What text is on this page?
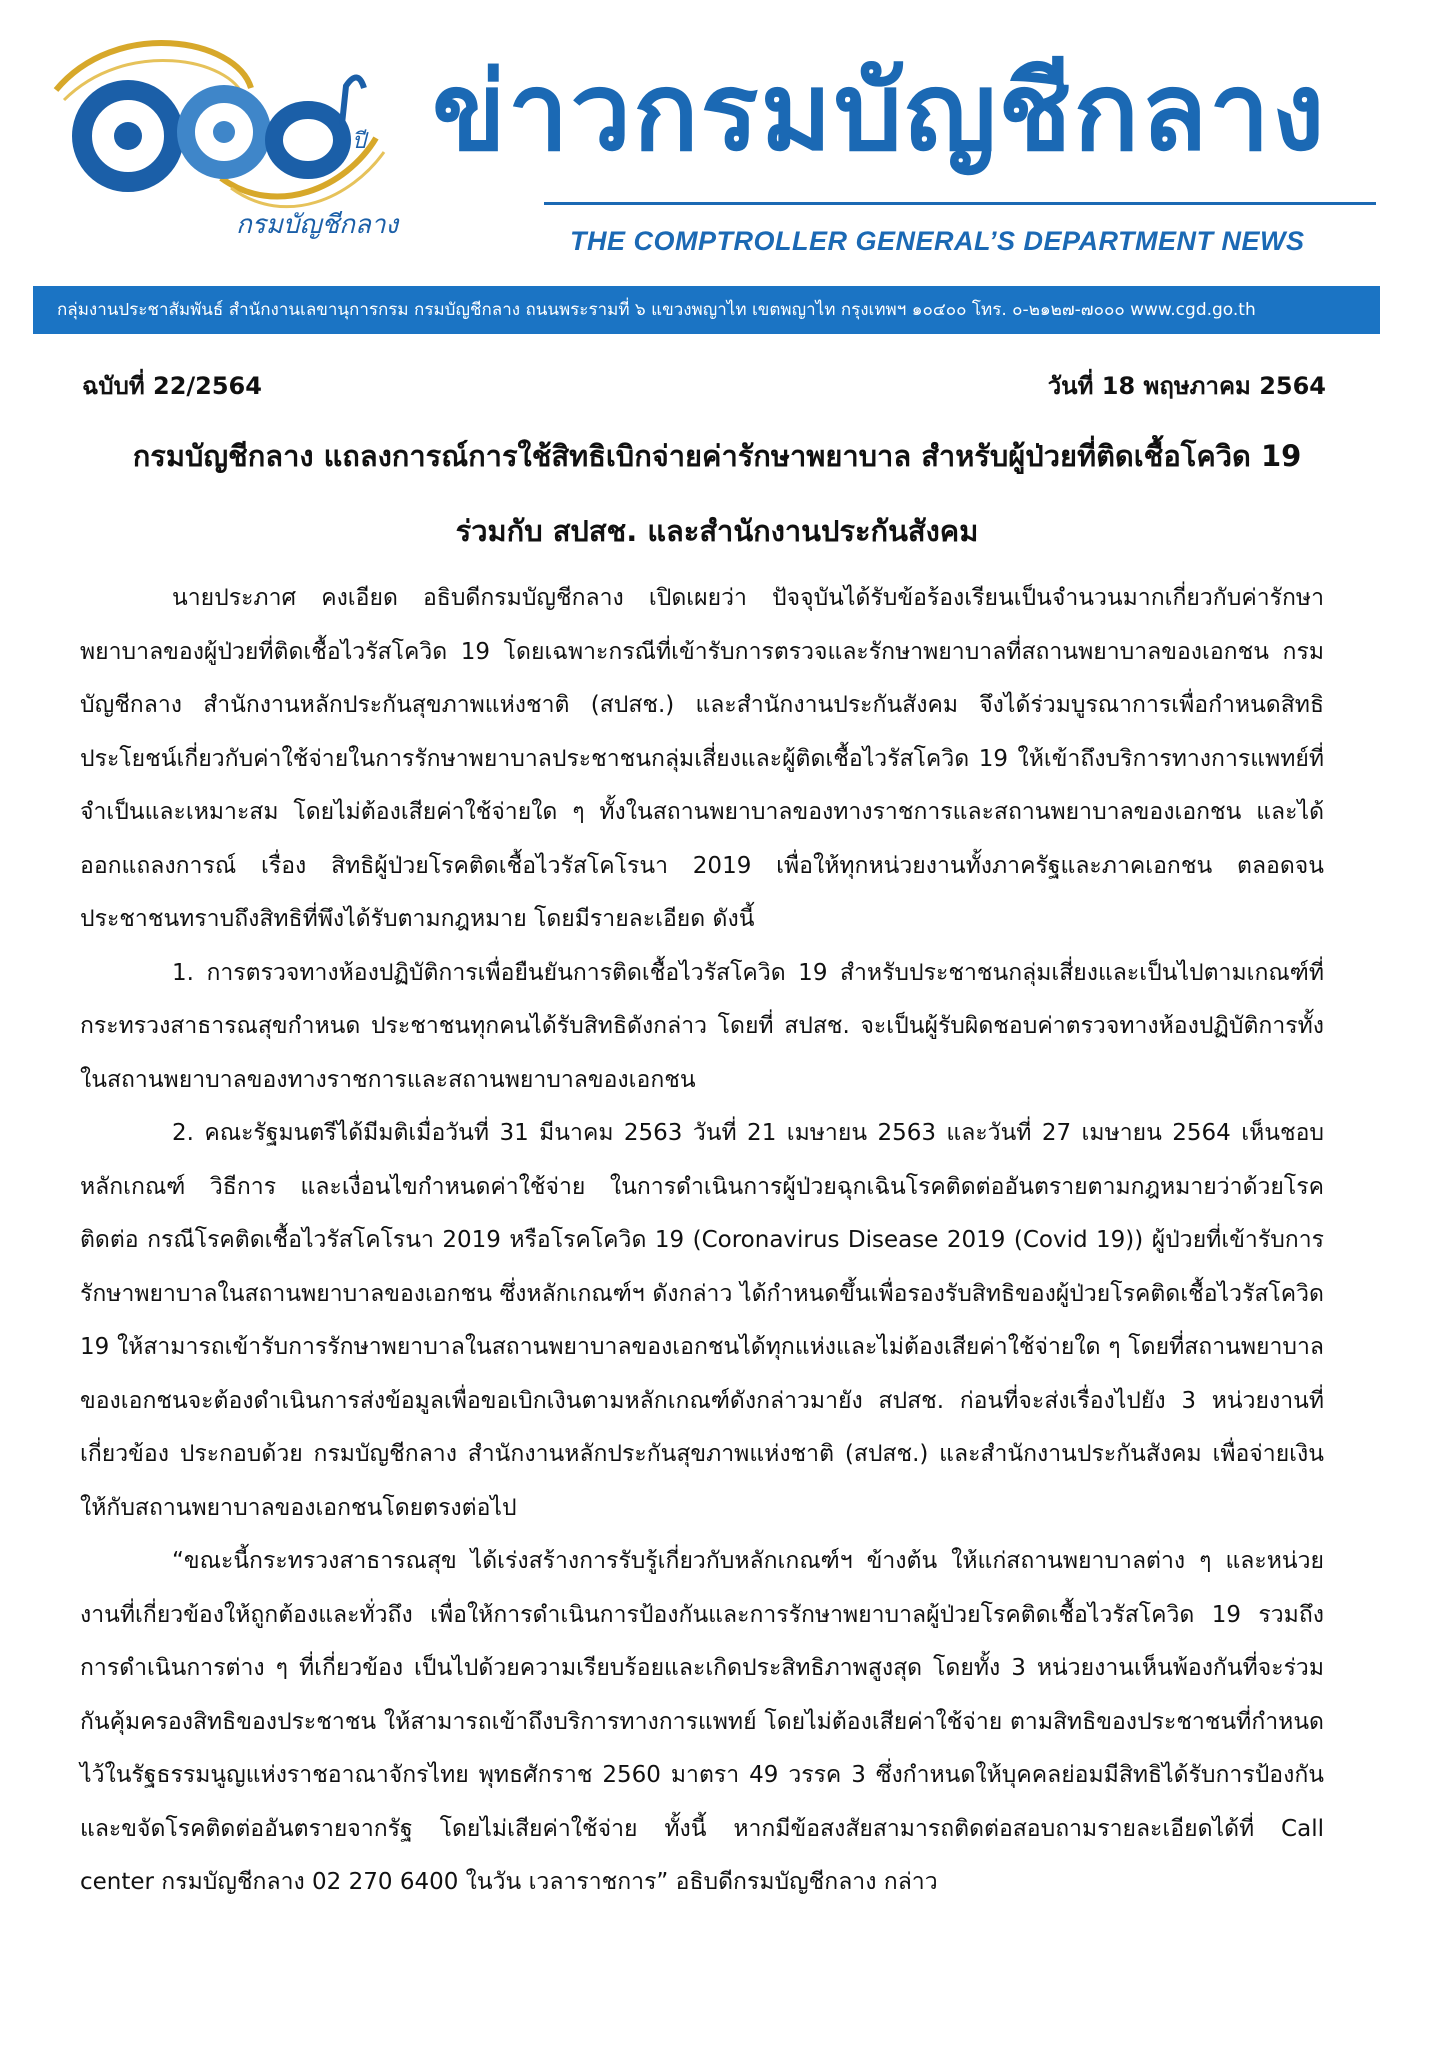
ปี
กรมบัญชีกลาง
ข่าวกรมบัญชีกลาง
THE COMPTROLLER GENERAL’S DEPARTMENT NEWS
กลุ่มงานประชาสัมพันธ์ สำนักงานเลขานุการกรม กรมบัญชีกลาง ถนนพระรามที่ ๖ แขวงพญาไท เขตพญาไท กรุงเทพฯ ๑๐๔๐๐ โทร. ๐-๒๑๒๗-๗๐๐๐ www.cgd.go.th
ฉบับที่ 22/2564	วันที่ 18 พฤษภาคม 2564
กรมบัญชีกลาง แถลงการณ์การใช้สิทธิเบิกจ่ายค่ารักษาพยาบาล สำหรับผู้ป่วยที่ติดเชื้อโควิด 19
ร่วมกับ สปสช. และสำนักงานประกันสังคม

นายประภาศ คงเอียด อธิบดีกรมบัญชีกลาง เปิดเผยว่า ปัจจุบันได้รับข้อร้องเรียนเป็นจำนวนมากเกี่ยวกับค่ารักษาพยาบาลของผู้ป่วยที่ติดเชื้อไวรัสโควิด 19 โดยเฉพาะกรณีที่เข้ารับการตรวจและรักษาพยาบาลที่สถานพยาบาลของเอกชน กรมบัญชีกลาง สำนักงานหลักประกันสุขภาพแห่งชาติ (สปสช.) และสำนักงานประกันสังคม จึงได้ร่วมบูรณาการเพื่อกำหนดสิทธิประโยชน์เกี่ยวกับค่าใช้จ่ายในการรักษาพยาบาลประชาชนกลุ่มเสี่ยงและผู้ติดเชื้อไวรัสโควิด 19 ให้เข้าถึงบริการทางการแพทย์ที่จำเป็นและเหมาะสม โดยไม่ต้องเสียค่าใช้จ่ายใด ๆ ทั้งในสถานพยาบาลของทางราชการและสถานพยาบาลของเอกชน และได้ออกแถลงการณ์ เรื่อง สิทธิผู้ป่วยโรคติดเชื้อไวรัสโคโรนา 2019 เพื่อให้ทุกหน่วยงานทั้งภาครัฐและภาคเอกชน ตลอดจนประชาชนทราบถึงสิทธิที่พึงได้รับตามกฎหมาย โดยมีรายละเอียด ดังนี้

1. การตรวจทางห้องปฏิบัติการเพื่อยืนยันการติดเชื้อไวรัสโควิด 19 สำหรับประชาชนกลุ่มเสี่ยงและเป็นไปตามเกณฑ์ที่กระทรวงสาธารณสุขกำหนด ประชาชนทุกคนได้รับสิทธิดังกล่าว โดยที่ สปสช. จะเป็นผู้รับผิดชอบค่าตรวจทางห้องปฏิบัติการทั้งในสถานพยาบาลของทางราชการและสถานพยาบาลของเอกชน

2. คณะรัฐมนตรีได้มีมติเมื่อวันที่ 31 มีนาคม 2563 วันที่ 21 เมษายน 2563 และวันที่ 27 เมษายน 2564 เห็นชอบหลักเกณฑ์ วิธีการ และเงื่อนไขกำหนดค่าใช้จ่าย ในการดำเนินการผู้ป่วยฉุกเฉินโรคติดต่ออันตรายตามกฎหมายว่าด้วยโรคติดต่อ กรณีโรคติดเชื้อไวรัสโคโรนา 2019 หรือโรคโควิด 19 (Coronavirus Disease 2019 (Covid 19)) ผู้ป่วยที่เข้ารับการรักษาพยาบาลในสถานพยาบาลของเอกชน ซึ่งหลักเกณฑ์ฯ ดังกล่าว ได้กำหนดขึ้นเพื่อรองรับสิทธิของผู้ป่วยโรคติดเชื้อไวรัสโควิด 19 ให้สามารถเข้ารับการรักษาพยาบาลในสถานพยาบาลของเอกชนได้ทุกแห่งและไม่ต้องเสียค่าใช้จ่ายใด ๆ โดยที่สถานพยาบาลของเอกชนจะต้องดำเนินการส่งข้อมูลเพื่อขอเบิกเงินตามหลักเกณฑ์ดังกล่าวมายัง สปสช. ก่อนที่จะส่งเรื่องไปยัง 3 หน่วยงานที่เกี่ยวข้อง ประกอบด้วย กรมบัญชีกลาง สำนักงานหลักประกันสุขภาพแห่งชาติ (สปสช.) และสำนักงานประกันสังคม เพื่อจ่ายเงินให้กับสถานพยาบาลของเอกชนโดยตรงต่อไป

“ขณะนี้กระทรวงสาธารณสุข ได้เร่งสร้างการรับรู้เกี่ยวกับหลักเกณฑ์ฯ ข้างต้น ให้แก่สถานพยาบาลต่าง ๆ และหน่วยงานที่เกี่ยวข้องให้ถูกต้องและทั่วถึง เพื่อให้การดำเนินการป้องกันและการรักษาพยาบาลผู้ป่วยโรคติดเชื้อไวรัสโควิด 19 รวมถึงการดำเนินการต่าง ๆ ที่เกี่ยวข้อง เป็นไปด้วยความเรียบร้อยและเกิดประสิทธิภาพสูงสุด โดยทั้ง 3 หน่วยงานเห็นพ้องกันที่จะร่วมกันคุ้มครองสิทธิของประชาชน ให้สามารถเข้าถึงบริการทางการแพทย์ โดยไม่ต้องเสียค่าใช้จ่าย ตามสิทธิของประชาชนที่กำหนดไว้ในรัฐธรรมนูญแห่งราชอาณาจักรไทย พุทธศักราช 2560 มาตรา 49 วรรค 3 ซึ่งกำหนดให้บุคคลย่อมมีสิทธิได้รับการป้องกันและขจัดโรคติดต่ออันตรายจากรัฐ โดยไม่เสียค่าใช้จ่าย ทั้งนี้ หากมีข้อสงสัยสามารถติดต่อสอบถามรายละเอียดได้ที่ Call center กรมบัญชีกลาง 02 270 6400 ในวัน เวลาราชการ” อธิบดีกรมบัญชีกลาง กล่าว
